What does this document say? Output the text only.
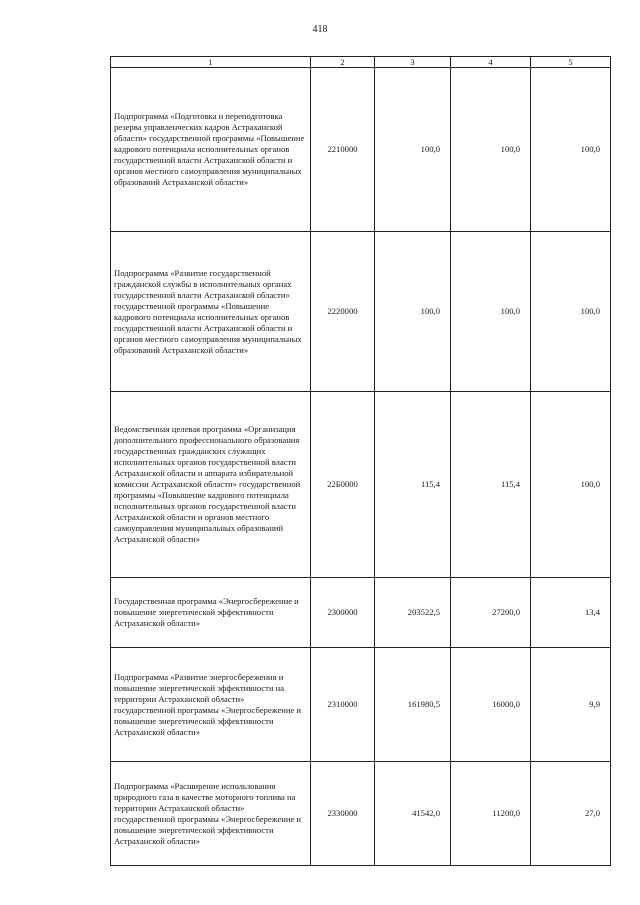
418
1	2	3	4	5
Подпрограмма «Подготовка и переподготовка резерва управленческих кадров Астраханской области» государственной программы «Повышение кадрового потенциала исполнительных органов государственной власти Астраханской области и органов местного самоуправления муниципальных образований Астраханской области»	2210000	100,0	100,0	100,0
Подпрограмма «Развитие государственной гражданской службы в исполнительных органах государственной власти Астраханской области» государственной программы «Повышение кадрового потенциала исполнительных органов государственной власти Астраханской области и органов местного самоуправления муниципальных образований Астраханской области»	2220000	100,0	100,0	100,0
Ведомственная целевая программа «Организация дополнительного профессионального образования государственных гражданских служащих исполнительных органов государственной власти Астраханской области и аппарата избирательной комиссии Астраханской области» государственной программы «Повышение кадрового потенциала исполнительных органов государственной власти Астраханской области и органов местного самоуправления муниципальных образований Астраханской области»	22Б0000	115,4	115,4	100,0
Государственная программа «Энергосбережение и повышение энергетической эффективности Астраханской области»	2300000	203522,5	27200,0	13,4
Подпрограмма «Развитие энергосбережения и повышение энергетической эффективности на территории Астраханской области» государственной программы «Энергосбережение и повышение энергетической эффективности Астраханской области»	2310000	161980,5	16000,0	9,9
Подпрограмма «Расширение использования природного газа в качестве моторного топлива на территории Астраханской области» государственной программы «Энергосбережение и повышение энергетической эффективности Астраханской области»	2330000	41542,0	11200,0	27,0
